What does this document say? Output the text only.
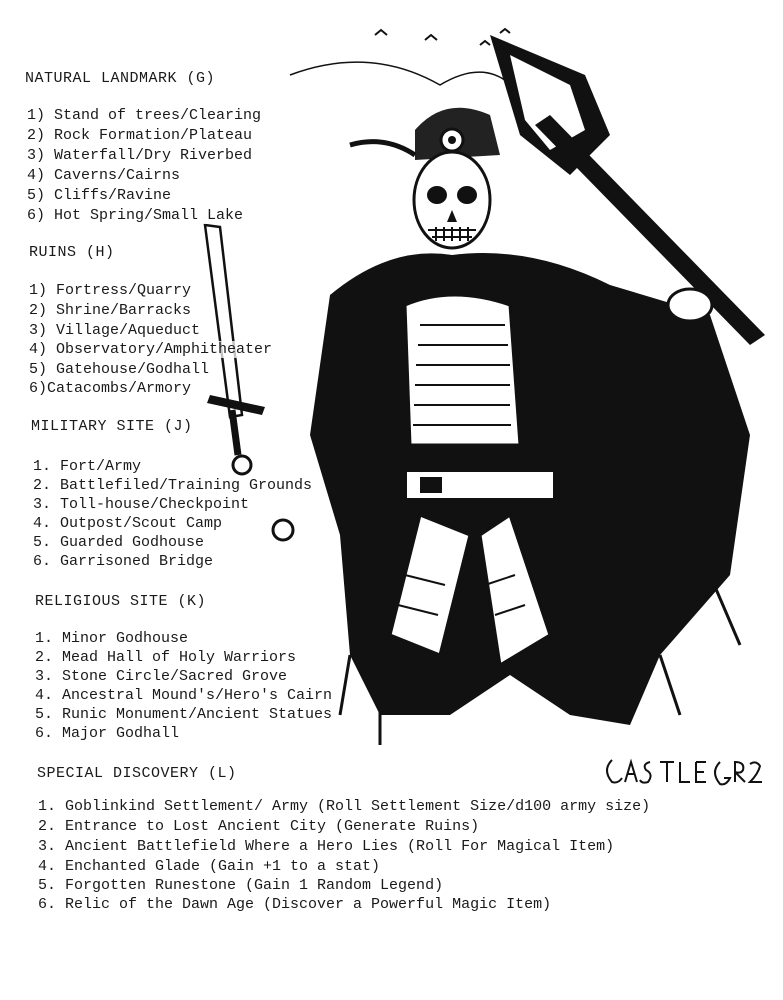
NATURAL LANDMARK (G)
1) Stand of trees/Clearing
2) Rock Formation/Plateau
3) Waterfall/Dry Riverbed
4) Caverns/Cairns
5) Cliffs/Ravine
6) Hot Spring/Small Lake
RUINS (H)
1) Fortress/Quarry
2) Shrine/Barracks
3) Village/Aqueduct
4) Observatory/Amphitheater
5) Gatehouse/Godhall
6)Catacombs/Armory
MILITARY SITE (J)
1. Fort/Army
2. Battlefiled/Training Grounds
3. Toll-house/Checkpoint
4. Outpost/Scout Camp
5. Guarded Godhouse
6. Garrisoned Bridge
RELIGIOUS SITE (K)
1. Minor Godhouse
2. Mead Hall of Holy Warriors
3. Stone Circle/Sacred Grove
4. Ancestral Mound's/Hero's Cairn
5. Runic Monument/Ancient Statues
6. Major Godhall
SPECIAL DISCOVERY (L)
1. Goblinkind Settlement/ Army (Roll Settlement Size/d100 army size)
2. Entrance to Lost Ancient City (Generate Ruins)
3. Ancient Battlefield Where a Hero Lies (Roll For Magical Item)
4. Enchanted Glade (Gain +1 to a stat)
5. Forgotten Runestone (Gain 1 Random Legend)
6. Relic of the Dawn Age (Discover a Powerful Magic Item)
